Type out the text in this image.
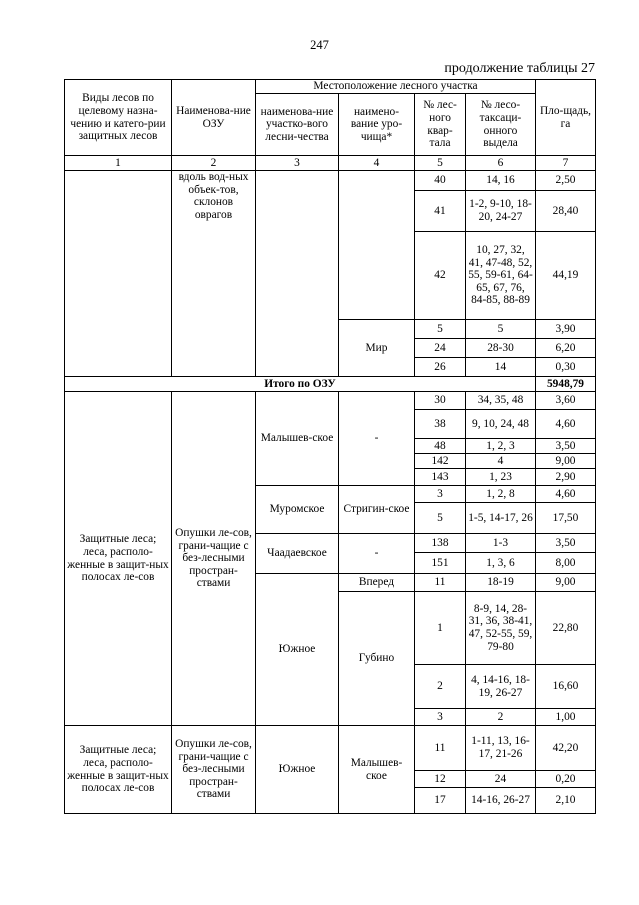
247
продолжение таблицы 27
Виды лесов по целевому назна-чению и катего-рии защитных лесов	Наименова-ние ОЗУ	Местоположение лесного участка				Пло-щадь, га
		наименова-ние участко-вого лесни-чества	наимено-вание уро-чища*	№ лес-ного квар-тала	№ лесо-таксаци-онного выдела	
1	2	3	4	5	6	7
	вдоль вод-ных объек-тов, склонов оврагов			40	14, 16	2,50
				41	1-2, 9-10, 18-20, 24-27	28,40
				42	10, 27, 32, 41, 47-48, 52, 55, 59-61, 64-65, 67, 76, 84-85, 88-89	44,19
			Мир	5	5	3,90
				24	28-30	6,20
				26	14	0,30
Итого по ОЗУ						5948,79
Защитные леса; леса, располо-женные в защит-ных полосах ле-сов	Опушки ле-сов, грани-чащие с без-лесными простран-ствами	Малышев-ское	-	30	34, 35, 48	3,60
				38	9, 10, 24, 48	4,60
				48	1, 2, 3	3,50
				142	4	9,00
				143	1, 23	2,90
		Муромское	Стригин-ское	3	1, 2, 8	4,60
				5	1-5, 14-17, 26	17,50
		Чаадаевское	-	138	1-3	3,50
				151	1, 3, 6	8,00
		Южное	Вперед	11	18-19	9,00
			Губино	1	8-9, 14, 28-31, 36, 38-41, 47, 52-55, 59, 79-80	22,80
				2	4, 14-16, 18-19, 26-27	16,60
				3	2	1,00
Защитные леса; леса, располо-женные в защит-ных полосах ле-сов	Опушки ле-сов, грани-чащие с без-лесными простран-ствами	Южное	Малышев-ское	11	1-11, 13, 16-17, 21-26	42,20
				12	24	0,20
				17	14-16, 26-27	2,10
